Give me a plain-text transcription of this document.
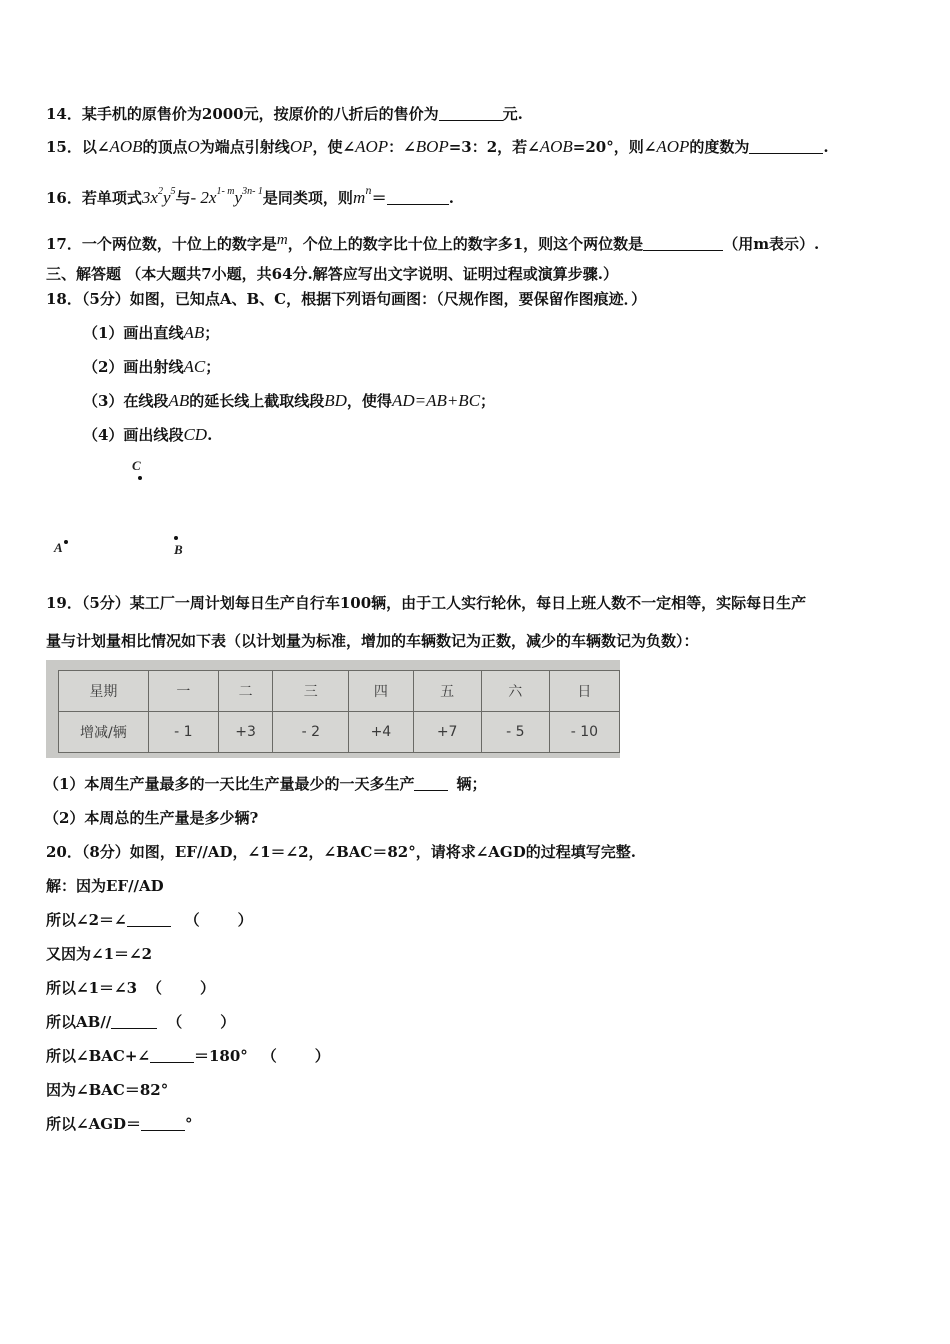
14．某手机的原售价为2000元，按原价的八折后的售价为	元.
15．以∠AOB的顶点O为端点引射线OP，使∠AOP：∠BOP=3：2，若∠AOB=20°，则∠AOP的度数为	.
16．若单项式$3x^2y^5$与- $2x^{1- m}y^{3n- 1}$是同类项，则$m^n=$	.
17．一个两位数，十位上的数字是m，个位上的数字比十位上的数字多1，则这个两位数是	（用m表示）.
三、解答题 （本大题共7小题，共64分.解答应写出文字说明、证明过程或演算步骤.）
18．（5分）如图，已知点A、B、C，根据下列语句画图：（尺规作图，要保留作图痕迹．）
（1）画出直线AB；
（2）画出射线AC；
（3）在线段AB的延长线上截取线段BD，使得AD=AB+BC；
（4）画出线段CD.
C
A	B
19．（5分）某工厂一周计划每日生产自行车100辆，由于工人实行轮休，每日上班人数不一定相等，实际每日生产
量与计划量相比情况如下表（以计划量为标准，增加的车辆数记为正数，减少的车辆数记为负数）：
星期	一	二	三	四	五	六	日
增减/辆	- 1	+3	- 2	+4	+7	- 5	- 10
（1）本周生产量最多的一天比生产量最少的一天多生产	辆；
（2）本周总的生产量是多少辆?
20．（8分）如图，EF//AD，∠1＝∠2，∠BAC＝82°，请将求∠AGD的过程填写完整.
解：因为EF//AD
所以∠2＝∠	（	）
又因为∠1＝∠2
所以∠1＝∠3 （	）
所以AB//	（	）
所以∠BAC+∠	＝180° （	）
因为∠BAC＝82°
所以∠AGD＝	°
